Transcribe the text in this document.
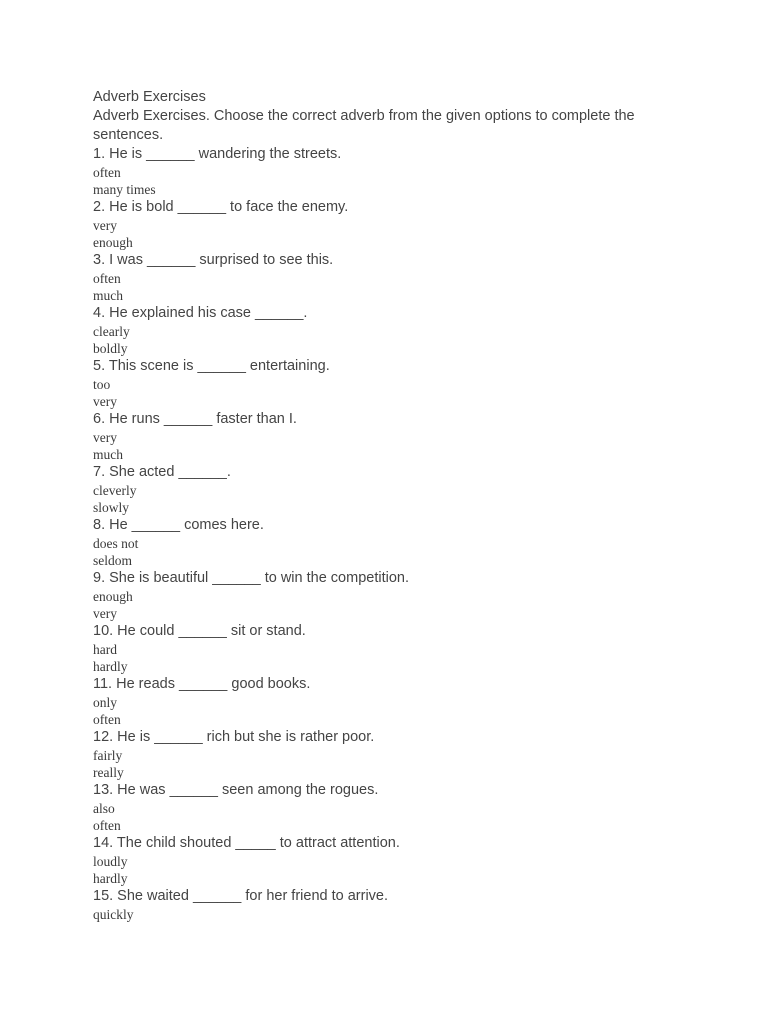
Adverb Exercises
Adverb Exercises. Choose the correct adverb from the given options to complete the sentences.
1. He is ______ wandering the streets.
often
many times
2. He is bold ______ to face the enemy.
very
enough
3. I was ______ surprised to see this.
often
much
4. He explained his case ______.
clearly
boldly
5. This scene is ______ entertaining.
too
very
6. He runs ______ faster than I.
very
much
7. She acted ______.
cleverly
slowly
8. He ______ comes here.
does not
seldom
9. She is beautiful ______ to win the competition.
enough
very
10. He could ______ sit or stand.
hard
hardly
11. He reads ______ good books.
only
often
12. He is ______ rich but she is rather poor.
fairly
really
13. He was ______ seen among the rogues.
also
often
14. The child shouted _____ to attract attention.
loudly
hardly
15. She waited ______ for her friend to arrive.
quickly
